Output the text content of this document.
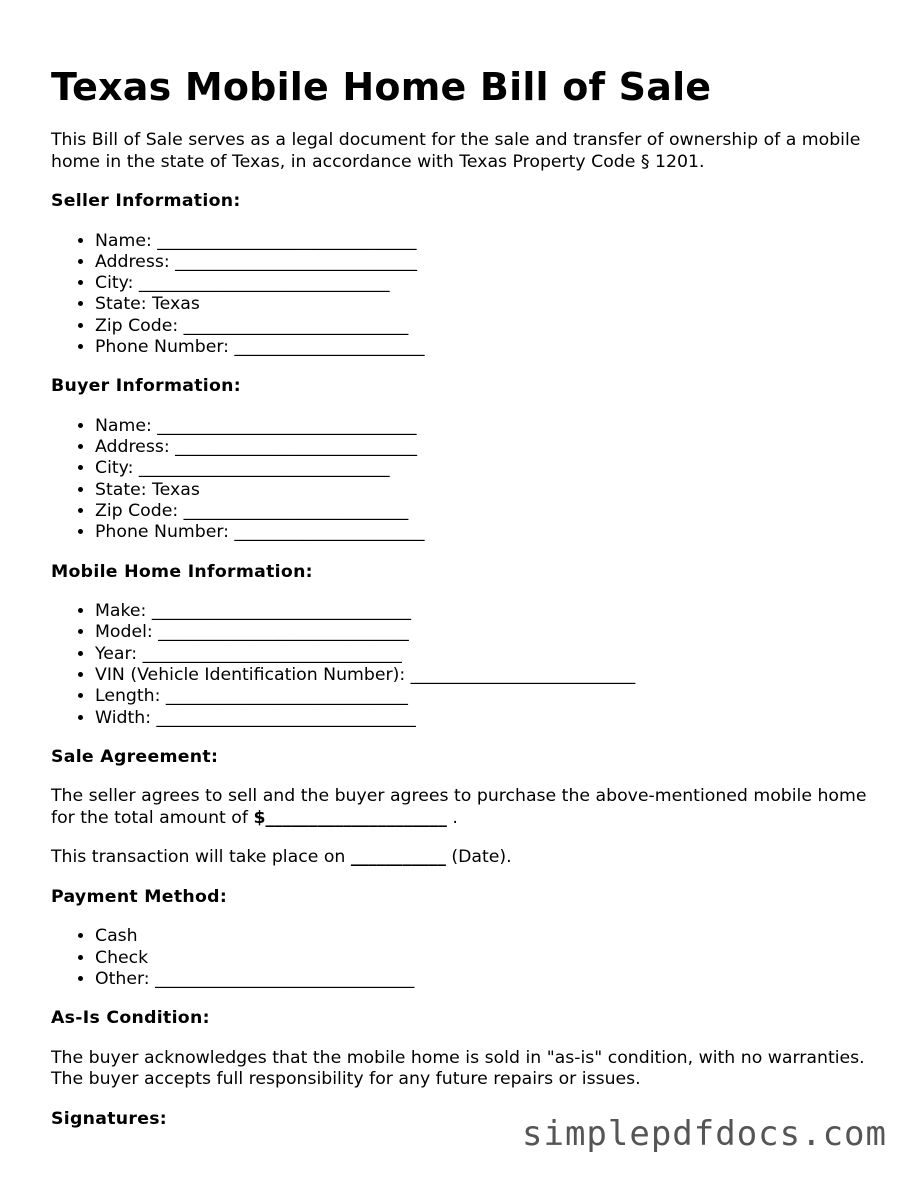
Texas Mobile Home Bill of Sale

This Bill of Sale serves as a legal document for the sale and transfer of ownership of a mobile home in the state of Texas, in accordance with Texas Property Code § 1201.

Seller Information:
• Name: ______________________________
• Address: ____________________________
• City: _____________________________
• State: Texas
• Zip Code: __________________________
• Phone Number: ______________________
Buyer Information:
• Name: ______________________________
• Address: ____________________________
• City: _____________________________
• State: Texas
• Zip Code: __________________________
• Phone Number: ______________________
Mobile Home Information:
• Make: ______________________________
• Model: _____________________________
• Year: ______________________________
• VIN (Vehicle Identification Number): __________________________
• Length: ____________________________
• Width: ______________________________
Sale Agreement:

The seller agrees to sell and the buyer agrees to purchase the above-mentioned mobile home for the total amount of $_____________________ .

This transaction will take place on ___________ (Date).

Payment Method:
• Cash
• Check
• Other: ______________________________
As-Is Condition:

The buyer acknowledges that the mobile home is sold in "as-is" condition, with no warranties. The buyer accepts full responsibility for any future repairs or issues.

Signatures:	simplepdfdocs.com
